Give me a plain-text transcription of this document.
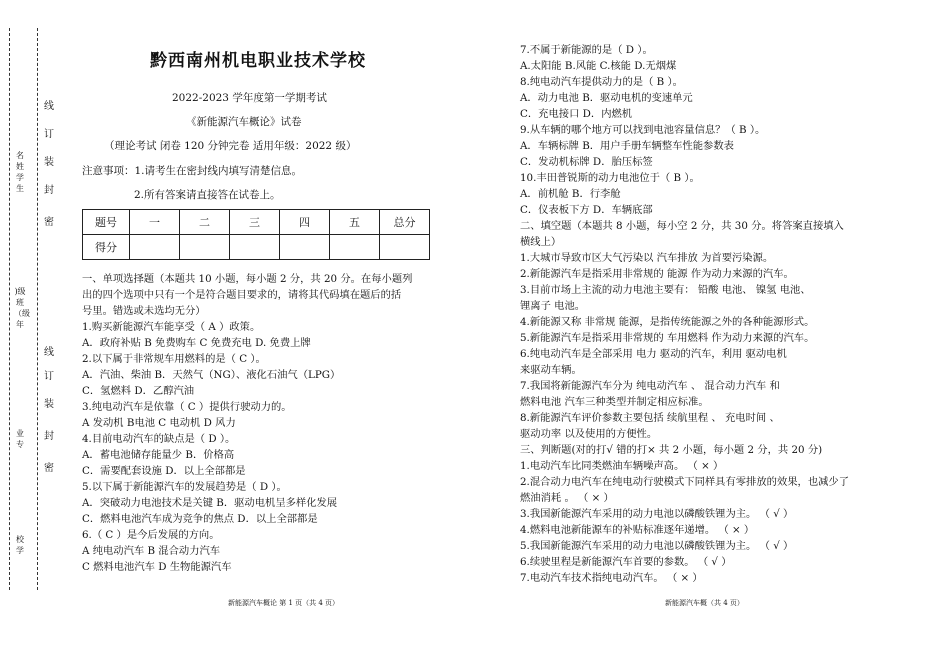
线
订
装
封
密
线
订
装
封
密
名姓学生
)级班（级年
业专
校学
黔西南州机电职业技术学校
2022-2023 学年度第一学期考试
《新能源汽车概论》试卷
（理论考试 闭卷 120 分钟完卷 适用年级：2022 级）
注意事项：1.请考生在密封线内填写清楚信息。
2.所有答案请直接答在试卷上。
题号	一	二	三	四	五	总分
得分						
一、单项选择题（本题共 10 小题，每小题 2 分，共 20 分。在每小题列
出的四个选项中只有一个是符合题目要求的，请将其代码填在题后的括
号里。错选或未选均无分）
1.购买新能源汽车能享受（ A ）政策。
A．政府补贴 B 免费购车 C 免费充电 D. 免费上牌
2.以下属于非常规车用燃料的是（ C ）。
A．汽油、柴油 B．天然气（NG）、液化石油气（LPG）
C．氢燃料 D．乙醇汽油
3.纯电动汽车是依靠（ C ）提供行驶动力的。
A 发动机 B电池 C 电动机 D 风力
4.目前电动汽车的缺点是（ D ）。
A．蓄电池储存能量少 B．价格高
C．需要配套设施 D．以上全部都是
5.以下属于新能源汽车的发展趋势是（ D ）。
A．突破动力电池技术是关键 B．驱动电机呈多样化发展
C．燃料电池汽车成为竞争的焦点 D．以上全部都是
6.（ C ）是今后发展的方向。
A 纯电动汽车 B 混合动力汽车
C 燃料电池汽车 D 生物能源汽车
新能源汽车概论 第 1 页（共 4 页）
7.不属于新能源的是（ D ）。
A.太阳能 B.风能 C.核能 D.无烟煤
8.纯电动汽车提供动力的是（ B ）。
A．动力电池 B．驱动电机的变速单元
C．充电接口 D．内燃机
9.从车辆的哪个地方可以找到电池容量信息？（ B ）。
A．车辆标牌 B．用户手册车辆整车性能参数表
C．发动机标牌 D．胎压标签
10.丰田普锐斯的动力电池位于（ B ）。
A．前机舱 B．行李舱
C．仪表板下方 D．车辆底部
二、填空题（本题共 8 小题，每小空 2 分，共 30 分。将答案直接填入
横线上）
1.大城市导致市区大气污染以 汽车排放 为首要污染源。
2.新能源汽车是指采用非常规的 能源 作为动力来源的汽车。
3.目前市场上主流的动力电池主要有： 铅酸 电池、 镍氢 电池、
锂离子 电池。
4.新能源又称 非常规 能源，是指传统能源之外的各种能源形式。
5.新能源汽车是指采用非常规的 车用燃料 作为动力来源的汽车。
6.纯电动汽车是全部采用 电力 驱动的汽车，利用 驱动电机
来驱动车辆。
7.我国将新能源汽车分为 纯电动汽车 、 混合动力汽车 和
燃料电池 汽车三种类型并制定相应标准。
8.新能源汽车评价参数主要包括 续航里程 、 充电时间 、
驱动功率 以及使用的方便性。
三、判断题(对的打√ 错的打× 共 2 小题，每小题 2 分，共 20 分)
1.电动汽车比同类燃油车辆噪声高。 （ × ）
2.混合动力电汽车在纯电动行驶模式下同样具有零排放的效果，也减少了
燃油消耗 。 （ × ）
3.我国新能源汽车采用的动力电池以磷酸铁锂为主。 （ √ ）
4.燃料电池新能源车的补贴标准逐年递增。 （ × ）
5.我国新能源汽车采用的动力电池以磷酸铁锂为主。 （ √ ）
6.续驶里程是新能源汽车首要的参数。 （ √ ）
7.电动汽车技术指纯电动汽车。 （ × ）
新能源汽车概（共 4 页）
